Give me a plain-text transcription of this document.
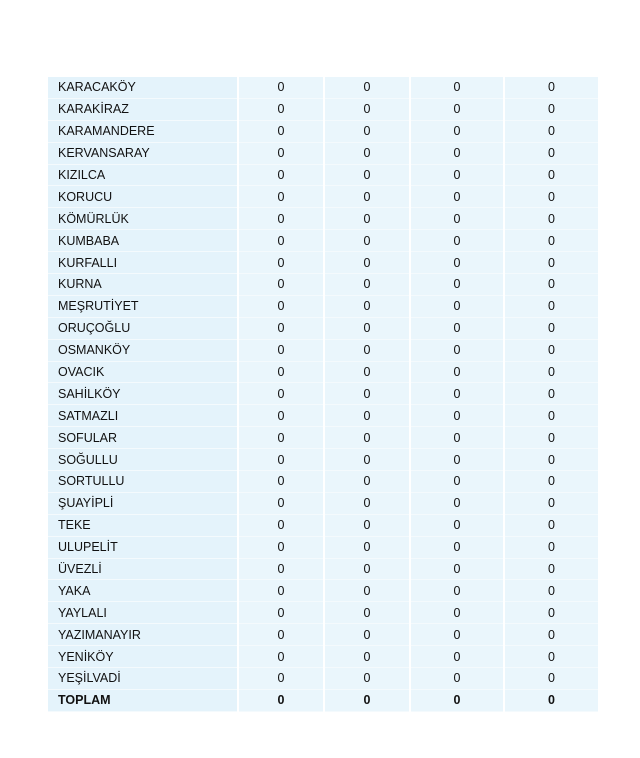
KARACAKÖY	0	0	0	0
KARAKİRAZ	0	0	0	0
KARAMANDERE	0	0	0	0
KERVANSARAY	0	0	0	0
KIZILCA	0	0	0	0
KORUCU	0	0	0	0
KÖMÜRLÜK	0	0	0	0
KUMBABA	0	0	0	0
KURFALLI	0	0	0	0
KURNA	0	0	0	0
MEŞRUTİYET	0	0	0	0
ORUÇOĞLU	0	0	0	0
OSMANKÖY	0	0	0	0
OVACIK	0	0	0	0
SAHİLKÖY	0	0	0	0
SATMAZLI	0	0	0	0
SOFULAR	0	0	0	0
SOĞULLU	0	0	0	0
SORTULLU	0	0	0	0
ŞUAYİPLİ	0	0	0	0
TEKE	0	0	0	0
ULUPELİT	0	0	0	0
ÜVEZLİ	0	0	0	0
YAKA	0	0	0	0
YAYLALI	0	0	0	0
YAZIMANAYIR	0	0	0	0
YENİKÖY	0	0	0	0
YEŞİLVADİ	0	0	0	0
TOPLAM	0	0	0	0
